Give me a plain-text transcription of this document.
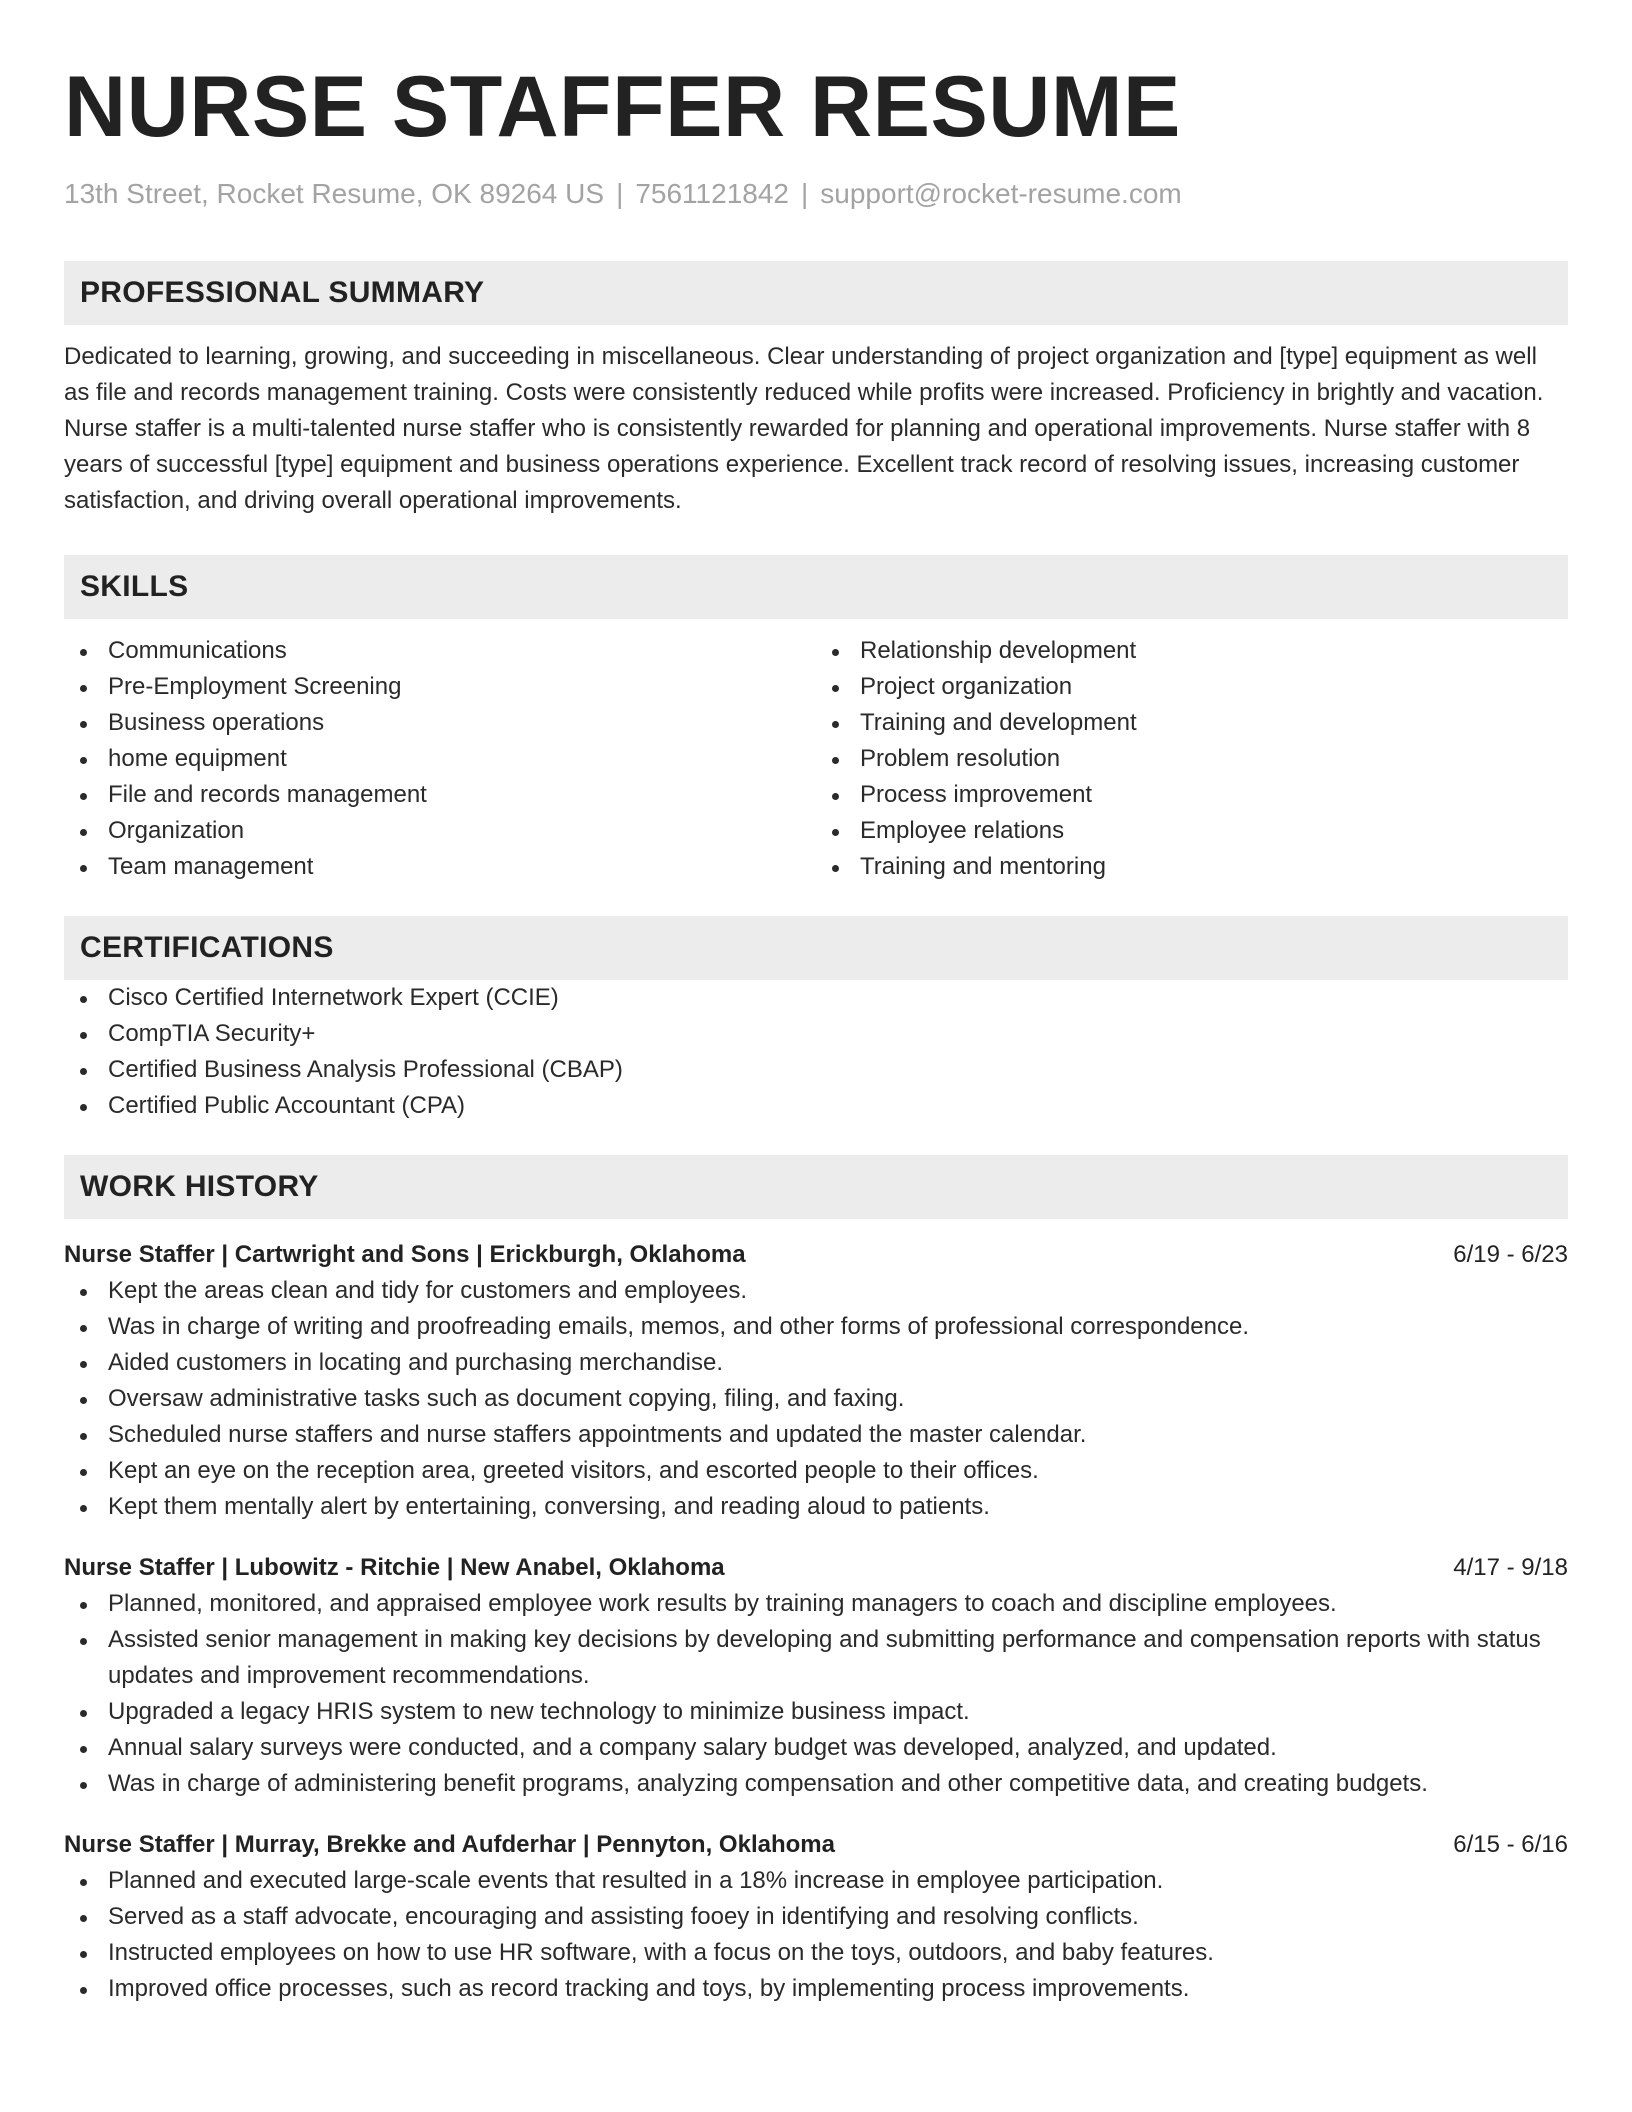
NURSE STAFFER RESUME
13th Street, Rocket Resume, OK 89264 US | 7561121842 | support@rocket-resume.com
PROFESSIONAL SUMMARY
Dedicated to learning, growing, and succeeding in miscellaneous. Clear understanding of project organization and [type] equipment as well as file and records management training. Costs were consistently reduced while profits were increased. Proficiency in brightly and vacation. Nurse staffer is a multi-talented nurse staffer who is consistently rewarded for planning and operational improvements. Nurse staffer with 8 years of successful [type] equipment and business operations experience. Excellent track record of resolving issues, increasing customer satisfaction, and driving overall operational improvements.
SKILLS
Communications
Pre-Employment Screening
Business operations
home equipment
File and records management
Organization
Team management
Relationship development
Project organization
Training and development
Problem resolution
Process improvement
Employee relations
Training and mentoring
CERTIFICATIONS
Cisco Certified Internetwork Expert (CCIE)
CompTIA Security+
Certified Business Analysis Professional (CBAP)
Certified Public Accountant (CPA)
WORK HISTORY
Nurse Staffer | Cartwright and Sons | Erickburgh, Oklahoma	6/19 - 6/23
Kept the areas clean and tidy for customers and employees.
Was in charge of writing and proofreading emails, memos, and other forms of professional correspondence.
Aided customers in locating and purchasing merchandise.
Oversaw administrative tasks such as document copying, filing, and faxing.
Scheduled nurse staffers and nurse staffers appointments and updated the master calendar.
Kept an eye on the reception area, greeted visitors, and escorted people to their offices.
Kept them mentally alert by entertaining, conversing, and reading aloud to patients.
Nurse Staffer | Lubowitz - Ritchie | New Anabel, Oklahoma	4/17 - 9/18
Planned, monitored, and appraised employee work results by training managers to coach and discipline employees.
Assisted senior management in making key decisions by developing and submitting performance and compensation reports with status updates and improvement recommendations.
Upgraded a legacy HRIS system to new technology to minimize business impact.
Annual salary surveys were conducted, and a company salary budget was developed, analyzed, and updated.
Was in charge of administering benefit programs, analyzing compensation and other competitive data, and creating budgets.
Nurse Staffer | Murray, Brekke and Aufderhar | Pennyton, Oklahoma	6/15 - 6/16
Planned and executed large-scale events that resulted in a 18% increase in employee participation.
Served as a staff advocate, encouraging and assisting fooey in identifying and resolving conflicts.
Instructed employees on how to use HR software, with a focus on the toys, outdoors, and baby features.
Improved office processes, such as record tracking and toys, by implementing process improvements.
